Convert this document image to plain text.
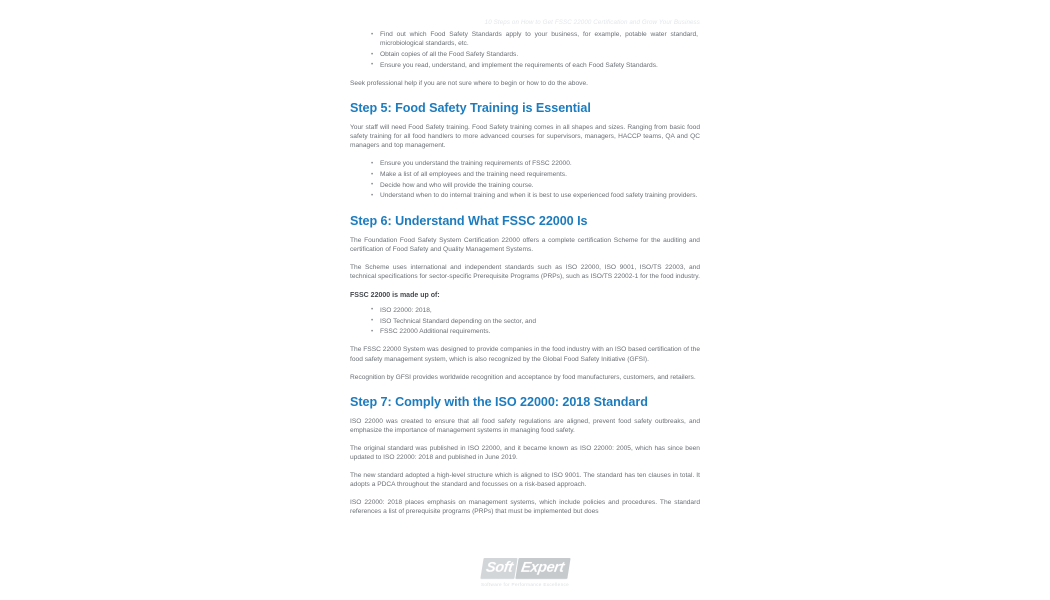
10 Steps on How to Get FSSC 22000 Certification and Grow Your Business
• Find out which Food Safety Standards apply to your business, for example, potable water standard, microbiological standards, etc.
• Obtain copies of all the Food Safety Standards.
• Ensure you read, understand, and implement the requirements of each Food Safety Standards.

Seek professional help if you are not sure where to begin or how to do the above.

Step 5: Food Safety Training is Essential

Your staff will need Food Safety training. Food Safety training comes in all shapes and sizes. Ranging from basic food safety training for all food handlers to more advanced courses for supervisors, managers, HACCP teams, QA and QC managers and top management.

• Ensure you understand the training requirements of FSSC 22000.
• Make a list of all employees and the training need requirements.
• Decide how and who will provide the training course.
• Understand when to do internal training and when it is best to use experienced food safety training providers.
Step 6: Understand What FSSC 22000 Is

The Foundation Food Safety System Certification 22000 offers a complete certification Scheme for the auditing and certification of Food Safety and Quality Management Systems.

The Scheme uses international and independent standards such as ISO 22000, ISO 9001, ISO/TS 22003, and technical specifications for sector-specific Prerequisite Programs (PRPs), such as ISO/TS 22002-1 for the food industry.

FSSC 22000 is made up of:
• ISO 22000: 2018,
• ISO Technical Standard depending on the sector, and
• FSSC 22000 Additional requirements.

The FSSC 22000 System was designed to provide companies in the food industry with an ISO based certification of the food safety management system, which is also recognized by the Global Food Safety Initiative (GFSI).

Recognition by GFSI provides worldwide recognition and acceptance by food manufacturers, customers, and retailers.

Step 7: Comply with the ISO 22000: 2018 Standard

ISO 22000 was created to ensure that all food safety regulations are aligned, prevent food safety outbreaks, and emphasize the importance of management systems in managing food safety.

The original standard was published in ISO 22000, and it became known as ISO 22000: 2005, which has since been updated to ISO 22000: 2018 and published in June 2019.

The new standard adopted a high-level structure which is aligned to ISO 9001. The standard has ten clauses in total. It adopts a PDCA throughout the standard and focusses on a risk-based approach.

ISO 22000: 2018 places emphasis on management systems, which include policies and procedures. The standard references a list of prerequisite programs (PRPs) that must be implemented but does

Soft Expert
Software for Performance Excellence
